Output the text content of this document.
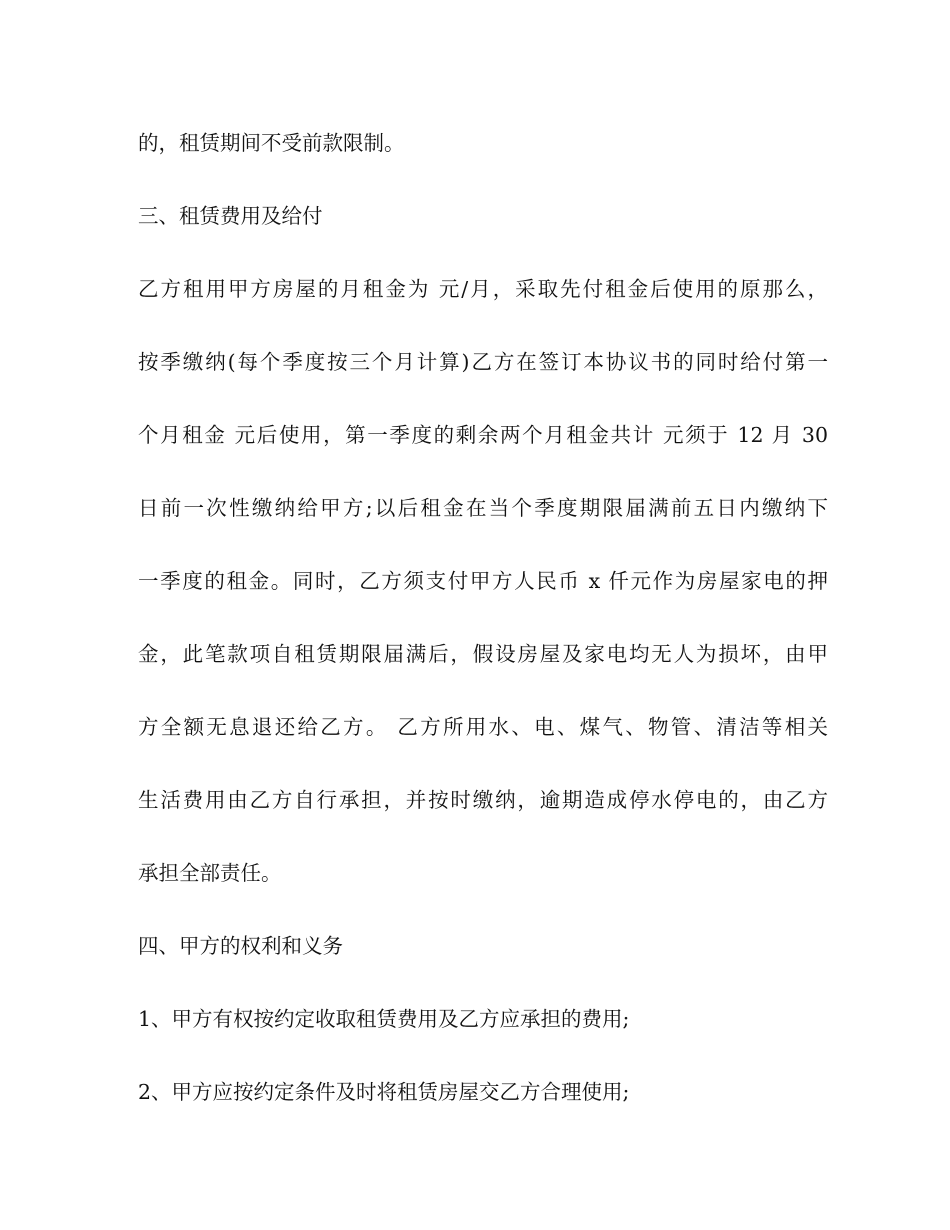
的，租赁期间不受前款限制。
三、租赁费用及给付
乙方租用甲方房屋的月租金为 元/月，采取先付租金后使用的原那么，
按季缴纳(每个季度按三个月计算)乙方在签订本协议书的同时给付第一
个月租金 元后使用，第一季度的剩余两个月租金共计 元须于 12 月 30
日前一次性缴纳给甲方;以后租金在当个季度期限届满前五日内缴纳下
一季度的租金。同时，乙方须支付甲方人民币 x 仟元作为房屋家电的押
金，此笔款项自租赁期限届满后，假设房屋及家电均无人为损坏，由甲
方全额无息退还给乙方。 乙方所用水、电、煤气、物管、清洁等相关
生活费用由乙方自行承担，并按时缴纳，逾期造成停水停电的，由乙方
承担全部责任。
四、甲方的权利和义务
1、甲方有权按约定收取租赁费用及乙方应承担的费用;
2、甲方应按约定条件及时将租赁房屋交乙方合理使用;
